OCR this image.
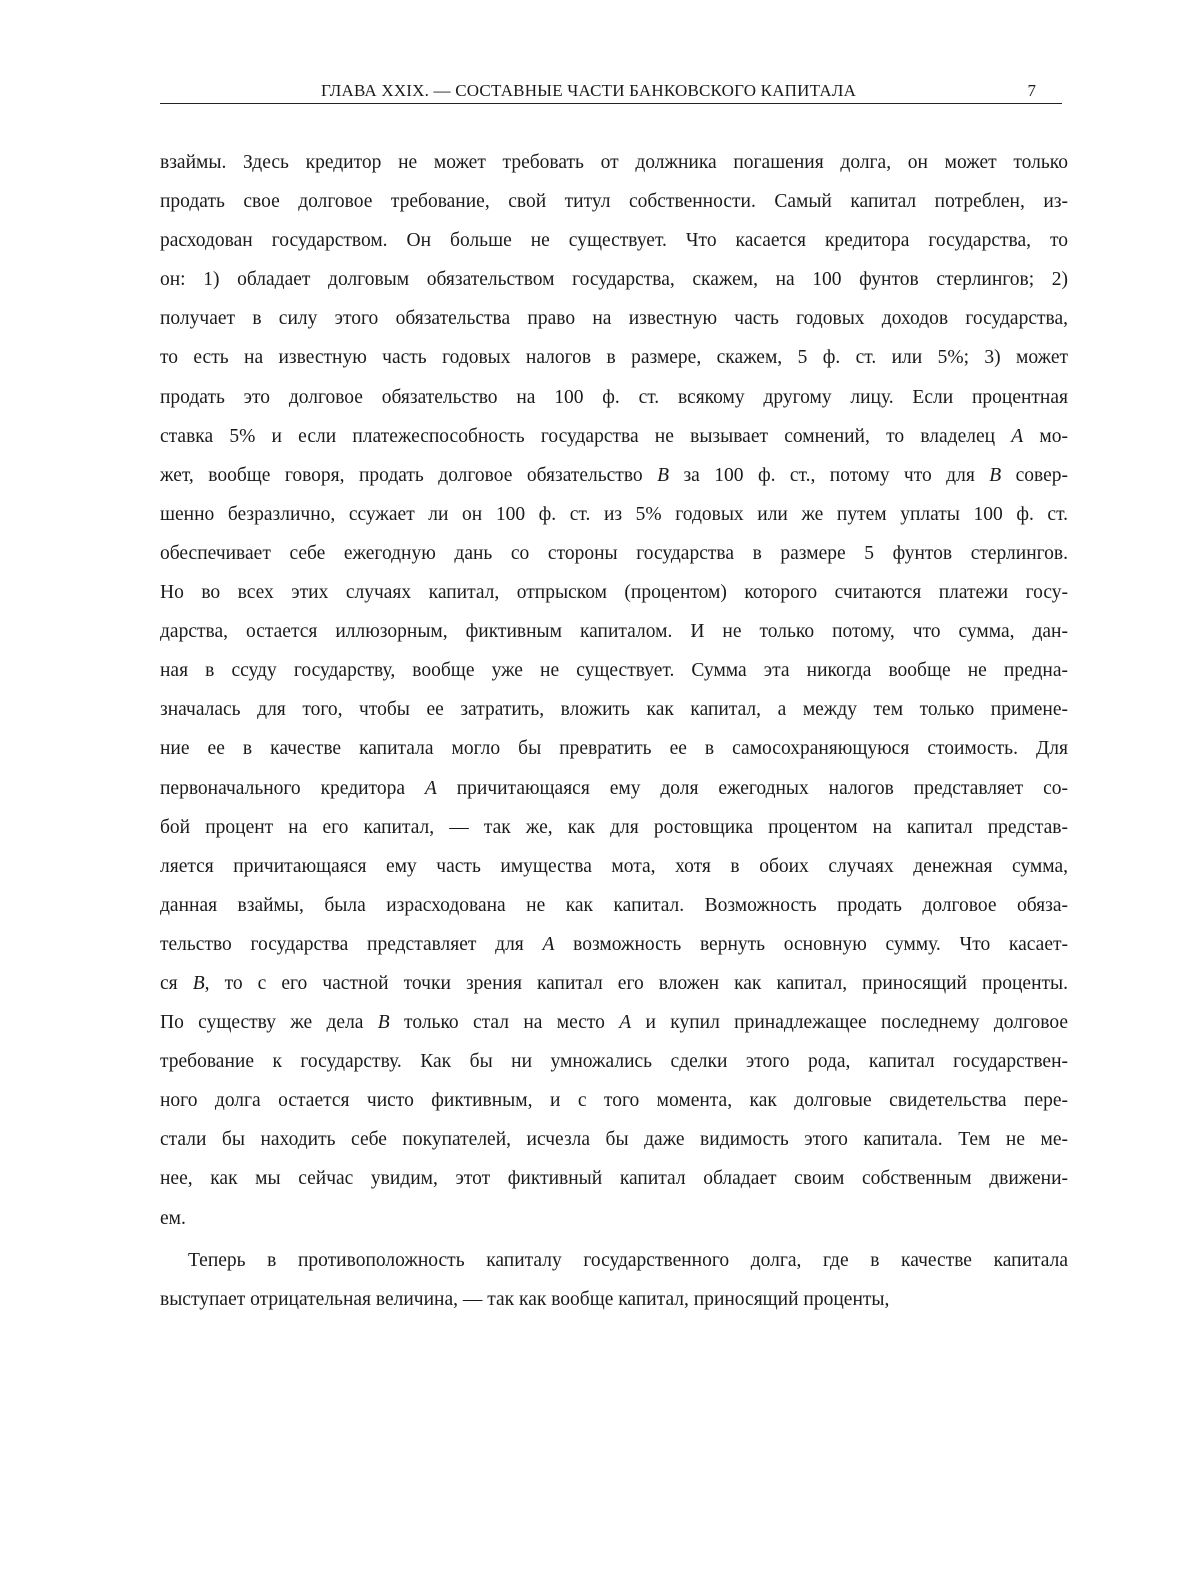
ГЛАВА XXIX. — СОСТАВНЫЕ ЧАСТИ БАНКОВСКОГО КАПИТАЛА	7
взаймы. Здесь кредитор не может требовать от должника погашения долга, он может только
продать свое долговое требование, свой титул собственности. Самый капитал потреблен, из-
расходован государством. Он больше не существует. Что касается кредитора государства, то
он: 1) обладает долговым обязательством государства, скажем, на 100 фунтов стерлингов; 2)
получает в силу этого обязательства право на известную часть годовых доходов государства,
то есть на известную часть годовых налогов в размере, скажем, 5 ф. ст. или 5%; 3) может
продать это долговое обязательство на 100 ф. ст. всякому другому лицу. Если процентная
ставка 5% и если платежеспособность государства не вызывает сомнений, то владелец А мо-
жет, вообще говоря, продать долговое обязательство В за 100 ф. ст., потому что для В совер-
шенно безразлично, ссужает ли он 100 ф. ст. из 5% годовых или же путем уплаты 100 ф. ст.
обеспечивает себе ежегодную дань со стороны государства в размере 5 фунтов стерлингов.
Но во всех этих случаях капитал, отпрыском (процентом) которого считаются платежи госу-
дарства, остается иллюзорным, фиктивным капиталом. И не только потому, что сумма, дан-
ная в ссуду государству, вообще уже не существует. Сумма эта никогда вообще не предна-
значалась для того, чтобы ее затратить, вложить как капитал, а между тем только примене-
ние ее в качестве капитала могло бы превратить ее в самосохраняющуюся стоимость. Для
первоначального кредитора А причитающаяся ему доля ежегодных налогов представляет со-
бой процент на его капитал, — так же, как для ростовщика процентом на капитал представ-
ляется причитающаяся ему часть имущества мота, хотя в обоих случаях денежная сумма,
данная взаймы, была израсходована не как капитал. Возможность продать долговое обяза-
тельство государства представляет для А возможность вернуть основную сумму. Что касает-
ся В, то с его частной точки зрения капитал его вложен как капитал, приносящий проценты.
По существу же дела В только стал на место А и купил принадлежащее последнему долговое
требование к государству. Как бы ни умножались сделки этого рода, капитал государствен-
ного долга остается чисто фиктивным, и с того момента, как долговые свидетельства пере-
стали бы находить себе покупателей, исчезла бы даже видимость этого капитала. Тем не ме-
нее, как мы сейчас увидим, этот фиктивный капитал обладает своим собственным движени-
ем.
Теперь в противоположность капиталу государственного долга, где в качестве капитала
выступает отрицательная величина, — так как вообще капитал, приносящий проценты,
